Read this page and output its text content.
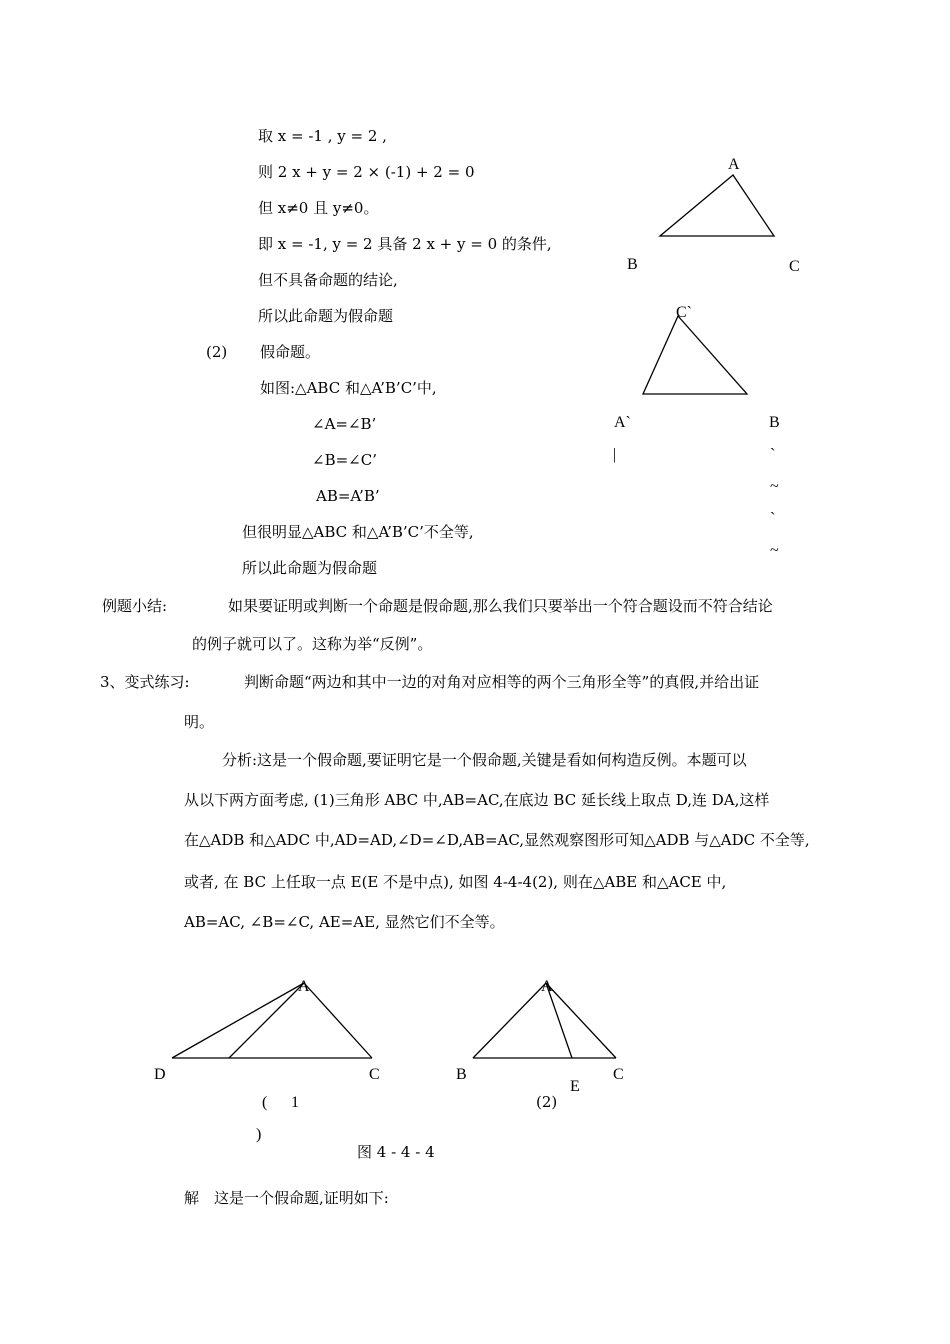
取 x = -1 , y = 2 ,
则 2 x + y = 2 × (-1) + 2 = 0
但 x≠0 且 y≠0。
即 x = -1, y = 2 具备 2 x + y = 0 的条件,
但不具备命题的结论,
所以此命题为假命题
(2) 假命题。
如图:△ABC 和△A’B’C’中,
∠A=∠B’
∠B=∠C’
AB=A’B’
但很明显△ABC 和△A’B’C’不全等,
所以此命题为假命题
例题小结:	如果要证明或判断一个命题是假命题,那么我们只要举出一个符合题设而不符合结论
的例子就可以了。这称为举“反例”。
3、变式练习:	判断命题“两边和其中一边的对角对应相等的两个三角形全等”的真假,并给出证
明。
分析:这是一个假命题,要证明它是一个假命题,关键是看如何构造反例。本题可以
从以下两方面考虑, (1)三角形 ABC 中,AB=AC,在底边 BC 延长线上取点 D,连 DA,这样
在△ADB 和△ADC 中,AD=AD,∠D=∠D,AB=AC,显然观察图形可知△ADB 与△ADC 不全等,
或者, 在 BC 上任取一点 E(E 不是中点), 如图 4-4-4(2), 则在△ABE 和△ACE 中,
AB=AC, ∠B=∠C, AE=AE, 显然它们不全等。
解　这是一个假命题,证明如下:
A
B	C
C`
A`	B
|	`
~
`
~
A
D	C
( 1
)
A
B
E
C
(2)
图 4 - 4 - 4
